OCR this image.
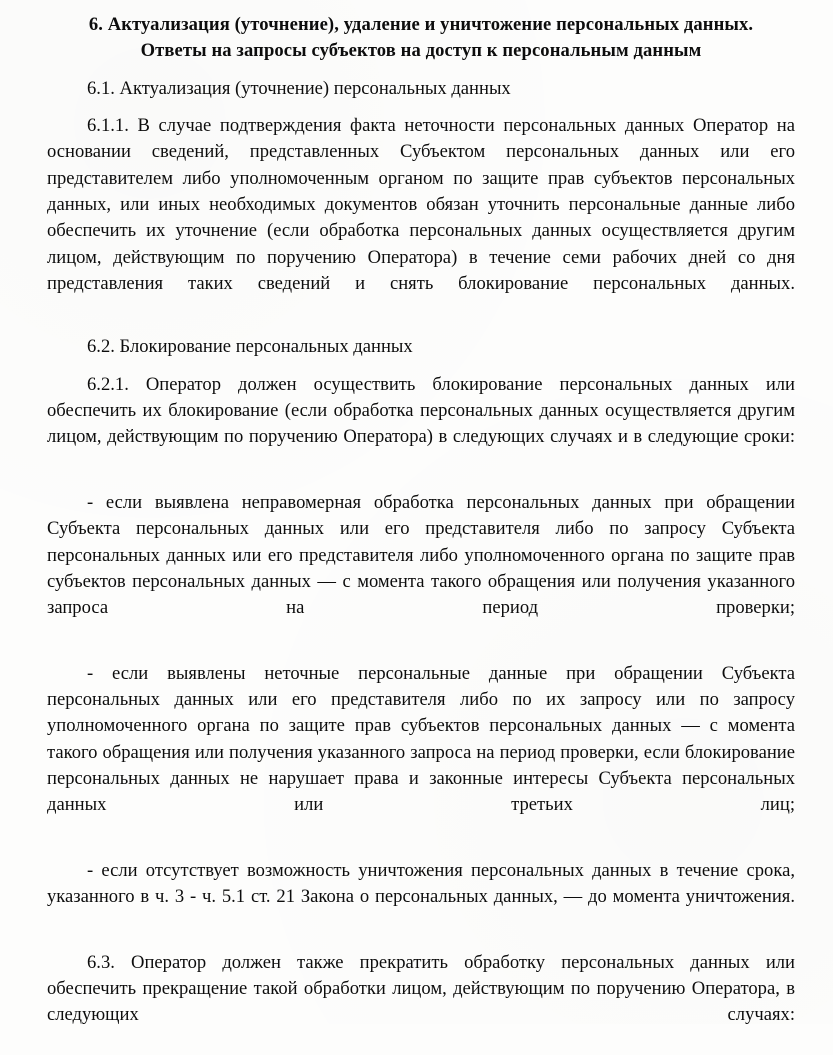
6. Актуализация (уточнение), удаление и уничтожение персональных данных. Ответы на запросы субъектов на доступ к персональным данным

6.1. Актуализация (уточнение) персональных данных

6.1.1. В случае подтверждения факта неточности персональных данных Оператор на основании сведений, представленных Субъектом персональных данных или его представителем либо уполномоченным органом по защите прав субъектов персональных данных, или иных необходимых документов обязан уточнить персональные данные либо обеспечить их уточнение (если обработка персональных данных осуществляется другим лицом, действующим по поручению Оператора) в течение семи рабочих дней со дня представления таких сведений и снять блокирование персональных данных.

6.2. Блокирование персональных данных

6.2.1. Оператор должен осуществить блокирование персональных данных или обеспечить их блокирование (если обработка персональных данных осуществляется другим лицом, действующим по поручению Оператора) в следующих случаях и в следующие сроки:

- если выявлена неправомерная обработка персональных данных при обращении Субъекта персональных данных или его представителя либо по запросу Субъекта персональных данных или его представителя либо уполномоченного органа по защите прав субъектов персональных данных — с момента такого обращения или получения указанного запроса на период проверки;

- если выявлены неточные персональные данные при обращении Субъекта персональных данных или его представителя либо по их запросу или по запросу уполномоченного органа по защите прав субъектов персональных данных — с момента такого обращения или получения указанного запроса на период проверки, если блокирование персональных данных не нарушает права и законные интересы Субъекта персональных данных или третьих лиц;

- если отсутствует возможность уничтожения персональных данных в течение срока, указанного в ч. 3 - ч. 5.1 ст. 21 Закона о персональных данных, — до момента уничтожения.

6.3. Оператор должен также прекратить обработку персональных данных или обеспечить прекращение такой обработки лицом, действующим по поручению Оператора, в следующих случаях:
